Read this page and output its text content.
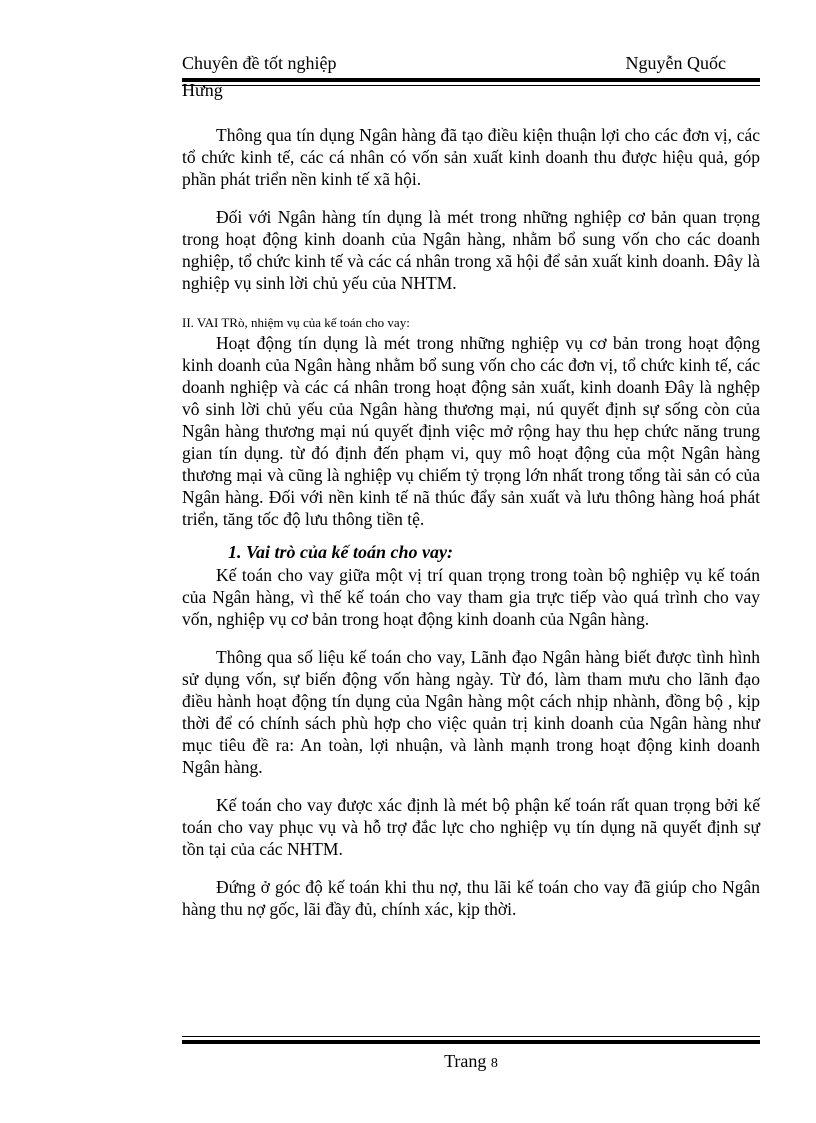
Chuyên đề tốt nghiệp	Nguyễn Quốc
Hưng

Thông qua tín dụng Ngân hàng đã tạo điều kiện thuận lợi cho các đơn vị, các tổ chức kinh tế, các cá nhân có vốn sản xuất kinh doanh thu được hiệu quả, góp phần phát triển nền kinh tế xã hội.

Đối với Ngân hàng tín dụng là mét trong những nghiệp cơ bản quan trọng trong hoạt động kinh doanh của Ngân hàng, nhằm bổ sung vốn cho các doanh nghiệp, tổ chức kinh tế và các cá nhân trong xã hội để sản xuất kinh doanh. Đây là nghiệp vụ sinh lời chủ yếu của NHTM.

II. VAI TRò, nhiệm vụ của kế toán cho vay:

Hoạt động tín dụng là mét trong những nghiệp vụ cơ bản trong hoạt động kinh doanh của Ngân hàng nhằm bổ sung vốn cho các đơn vị, tổ chức kinh tế, các doanh nghiệp và các cá nhân trong hoạt động sản xuất, kinh doanh Đây là nghệp vô sinh lời chủ yếu của Ngân hàng thương mại, nú quyết định sự sống còn của Ngân hàng thương mại nú quyết định việc mở rộng hay thu hẹp chức năng trung gian tín dụng. từ đó định đến phạm vi, quy mô hoạt động của một Ngân hàng thương mại và cũng là nghiệp vụ chiếm tỷ trọng lớn nhất trong tổng tài sản có của Ngân hàng. Đối với nền kinh tế nã thúc đẩy sản xuất và lưu thông hàng hoá phát triển, tăng tốc độ lưu thông tiền tệ.

1. Vai trò của kế toán cho vay:

Kế toán cho vay giữa một vị trí quan trọng trong toàn bộ nghiệp vụ kế toán của Ngân hàng, vì thế kế toán cho vay tham gia trực tiếp vào quá trình cho vay vốn, nghiệp vụ cơ bản trong hoạt động kinh doanh của Ngân hàng.

Thông qua số liệu kế toán cho vay, Lãnh đạo Ngân hàng biết được tình hình sử dụng vốn, sự biến động vốn hàng ngày. Từ đó, làm tham mưu cho lãnh đạo điều hành hoạt động tín dụng của Ngân hàng một cách nhịp nhành, đồng bộ , kịp thời để có chính sách phù hợp cho việc quản trị kinh doanh của Ngân hàng như mục tiêu đề ra: An toàn, lợi nhuận, và lành mạnh trong hoạt động kinh doanh Ngân hàng.

Kế toán cho vay được xác định là mét bộ phận kế toán rất quan trọng bởi kế toán cho vay phục vụ và hỗ trợ đắc lực cho nghiệp vụ tín dụng nã quyết định sự tồn tại của các NHTM.

Đứng ở góc độ kế toán khi thu nợ, thu lãi kế toán cho vay đã giúp cho Ngân hàng thu nợ gốc, lãi đầy đủ, chính xác, kịp thời.

Trang 8
